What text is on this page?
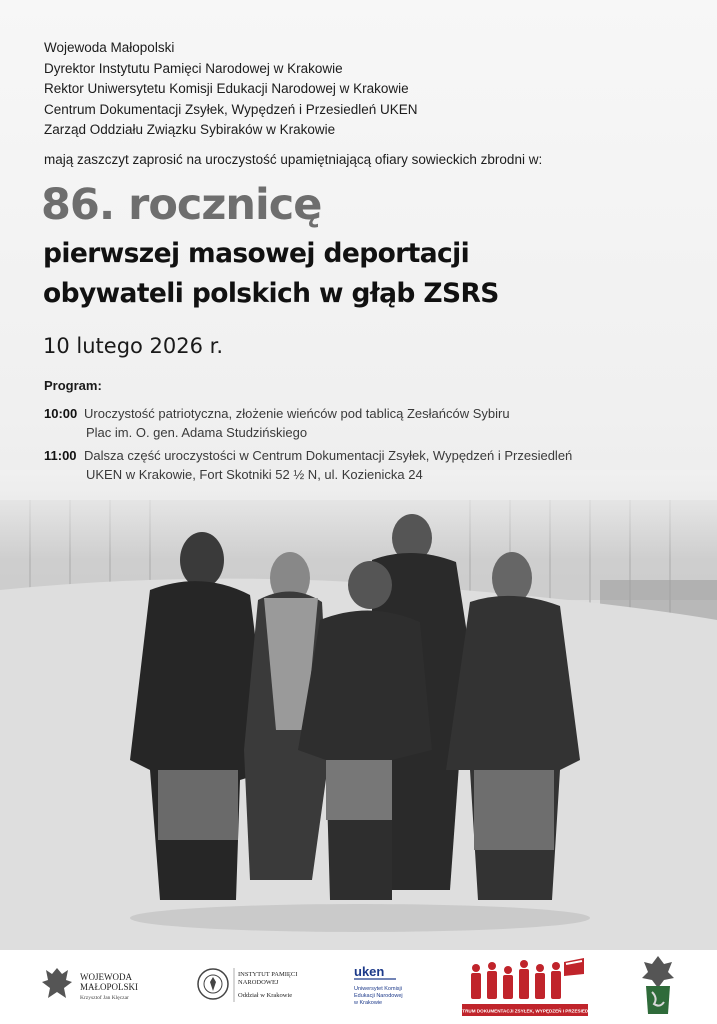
Wojewoda Małopolski
Dyrektor Instytutu Pamięci Narodowej w Krakowie
Rektor Uniwersytetu Komisji Edukacji Narodowej w Krakowie
Centrum Dokumentacji Zsyłek, Wypędzeń i Przesiedleń UKEN
Zarząd Oddziału Związku Sybiraków w Krakowie
mają zaszczyt zaprosić na uroczystość upamiętniającą ofiary sowieckich zbrodni w:
86. rocznicę
pierwszej masowej deportacji
obywateli polskich w głąb ZSRS
10 lutego 2026 r.
Program:
10:00 Uroczystość patriotyczna, złożenie wieńców pod tablicą Zesłańców Sybiru
Plac im. O. gen. Adama Studzińskiego
11:00 Dalsza część uroczystości w Centrum Dokumentacji Zsyłek, Wypędzeń i Przesiedleń
UKEN w Krakowie, Fort Skotniki 52 ½ N, ul. Kozienicka 24
WOJEWODA
MAŁOPOLSKI
Krzysztof Jan Klęczar
INSTYTUT PAMIĘCI
NARODOWEJ
Oddział w Krakowie
uken
Uniwersytet Komisji
Edukacji Narodowej
w Krakowie
CENTRUM DOKUMENTACJI ZSYŁEK, WYPĘDZEŃ I PRZESIEDLEŃ
